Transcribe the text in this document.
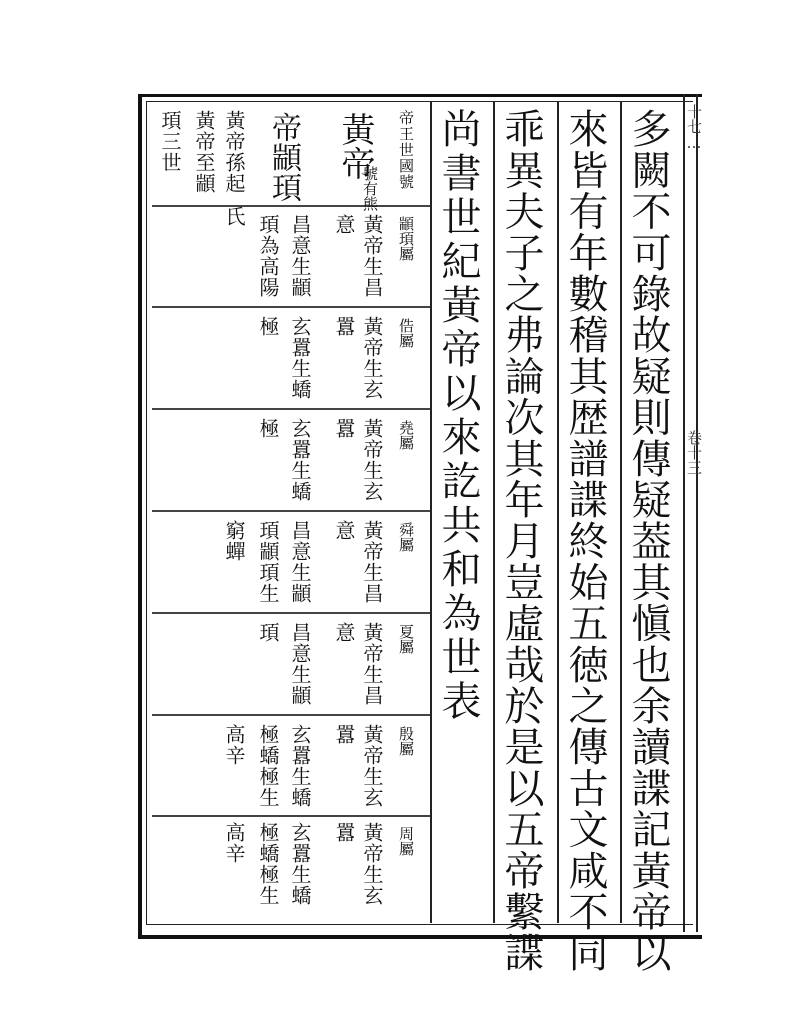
十七…
卷十三
多闕不可錄故疑則傳疑葢其愼也余讀諜記黃帝以
來皆有年數稽其歴譜諜終始五徳之傳古文咸不同
乖異夫子之弗論次其年月豈虛哉於是以五帝繫諜
尚書世紀黃帝以來訖共和為世表
帝王世國號
顓頊屬
俈屬
堯屬
舜屬
夏屬
殷屬
周屬
黃帝
號有熊
黃帝生昌
黃帝生玄
黃帝生玄
黃帝生昌
黃帝生昌
黃帝生玄
黃帝生玄
意
囂
囂
意
意
囂
囂
帝顓頊
昌意生顓
玄囂生蟜
玄囂生蟜
昌意生顓
昌意生顓
玄囂生蟜
玄囂生蟜
頊為高陽
極
極
頊顓頊生
頊
極蟜極生
極蟜極生
黃帝孫起
氏
黃帝至顓
頊三世
窮蟬
高辛
高辛
